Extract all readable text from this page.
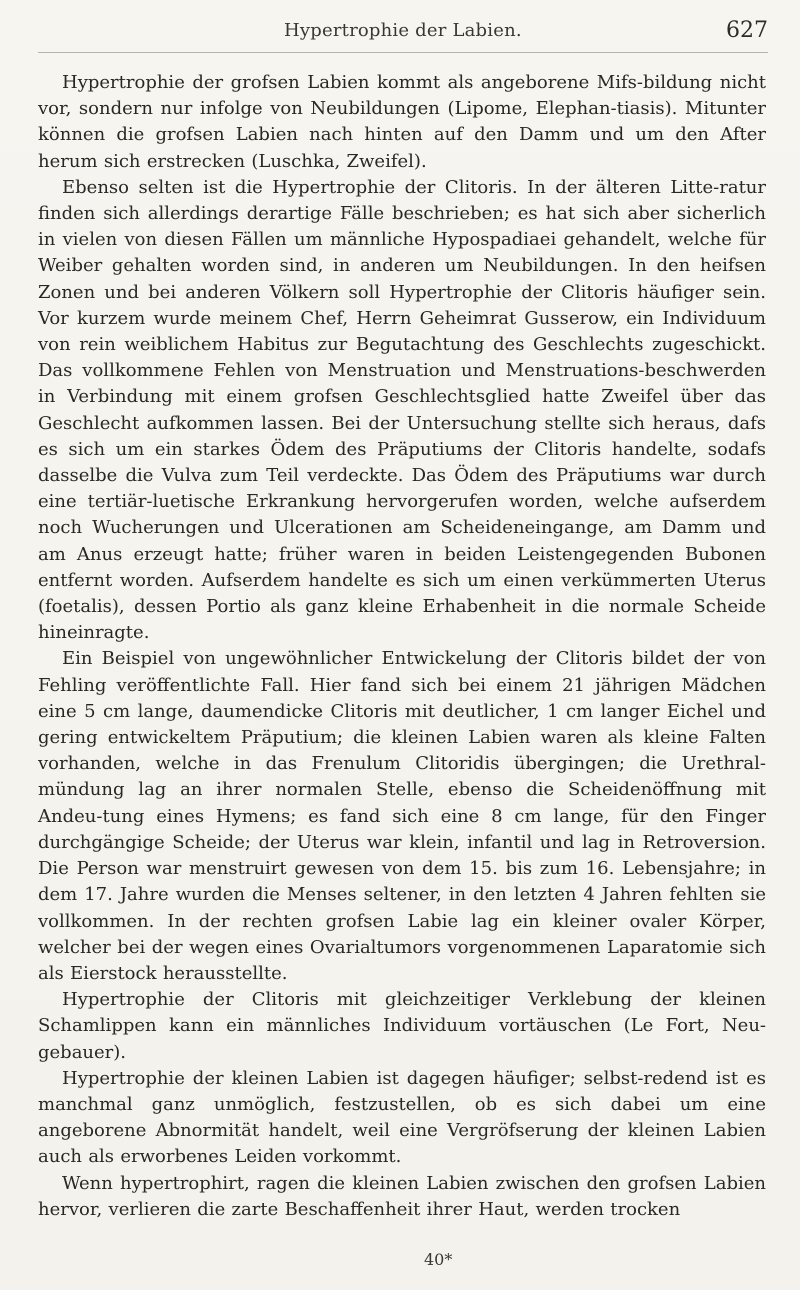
Hypertrophie der Labien.	627

Hypertrophie der grofsen Labien kommt als angeborene Mifs-bildung nicht vor, sondern nur infolge von Neubildungen (Lipome, Elephan-tiasis). Mitunter können die grofsen Labien nach hinten auf den Damm und um den After herum sich erstrecken (Luschka, Zweifel).

Ebenso selten ist die Hypertrophie der Clitoris. In der älteren Litte-ratur finden sich allerdings derartige Fälle beschrieben; es hat sich aber sicherlich in vielen von diesen Fällen um männliche Hypospadiaei gehandelt, welche für Weiber gehalten worden sind, in anderen um Neubildungen. In den heifsen Zonen und bei anderen Völkern soll Hypertrophie der Clitoris häufiger sein. Vor kurzem wurde meinem Chef, Herrn Geheimrat Gusserow, ein Individuum von rein weiblichem Habitus zur Begutachtung des Geschlechts zugeschickt. Das vollkommene Fehlen von Menstruation und Menstruations-beschwerden in Verbindung mit einem grofsen Geschlechtsglied hatte Zweifel über das Geschlecht aufkommen lassen. Bei der Untersuchung stellte sich heraus, dafs es sich um ein starkes Ödem des Präputiums der Clitoris handelte, sodafs dasselbe die Vulva zum Teil verdeckte. Das Ödem des Präputiums war durch eine tertiär-luetische Erkrankung hervorgerufen worden, welche aufserdem noch Wucherungen und Ulcerationen am Scheideneingange, am Damm und am Anus erzeugt hatte; früher waren in beiden Leistengegenden Bubonen entfernt worden. Aufserdem handelte es sich um einen verkümmerten Uterus (foetalis), dessen Portio als ganz kleine Erhabenheit in die normale Scheide hineinragte.

Ein Beispiel von ungewöhnlicher Entwickelung der Clitoris bildet der von Fehling veröffentlichte Fall. Hier fand sich bei einem 21 jährigen Mädchen eine 5 cm lange, daumendicke Clitoris mit deutlicher, 1 cm langer Eichel und gering entwickeltem Präputium; die kleinen Labien waren als kleine Falten vorhanden, welche in das Frenulum Clitoridis übergingen; die Urethral-mündung lag an ihrer normalen Stelle, ebenso die Scheidenöffnung mit Andeu-tung eines Hymens; es fand sich eine 8 cm lange, für den Finger durchgängige Scheide; der Uterus war klein, infantil und lag in Retroversion. Die Person war menstruirt gewesen von dem 15. bis zum 16. Lebensjahre; in dem 17. Jahre wurden die Menses seltener, in den letzten 4 Jahren fehlten sie vollkommen. In der rechten grofsen Labie lag ein kleiner ovaler Körper, welcher bei der wegen eines Ovarialtumors vorgenommenen Laparatomie sich als Eierstock herausstellte.

Hypertrophie der Clitoris mit gleichzeitiger Verklebung der kleinen Schamlippen kann ein männliches Individuum vortäuschen (Le Fort, Neu-gebauer).

Hypertrophie der kleinen Labien ist dagegen häufiger; selbst-redend ist es manchmal ganz unmöglich, festzustellen, ob es sich dabei um eine angeborene Abnormität handelt, weil eine Vergröfserung der kleinen Labien auch als erworbenes Leiden vorkommt.

Wenn hypertrophirt, ragen die kleinen Labien zwischen den grofsen Labien hervor, verlieren die zarte Beschaffenheit ihrer Haut, werden trocken

40*
